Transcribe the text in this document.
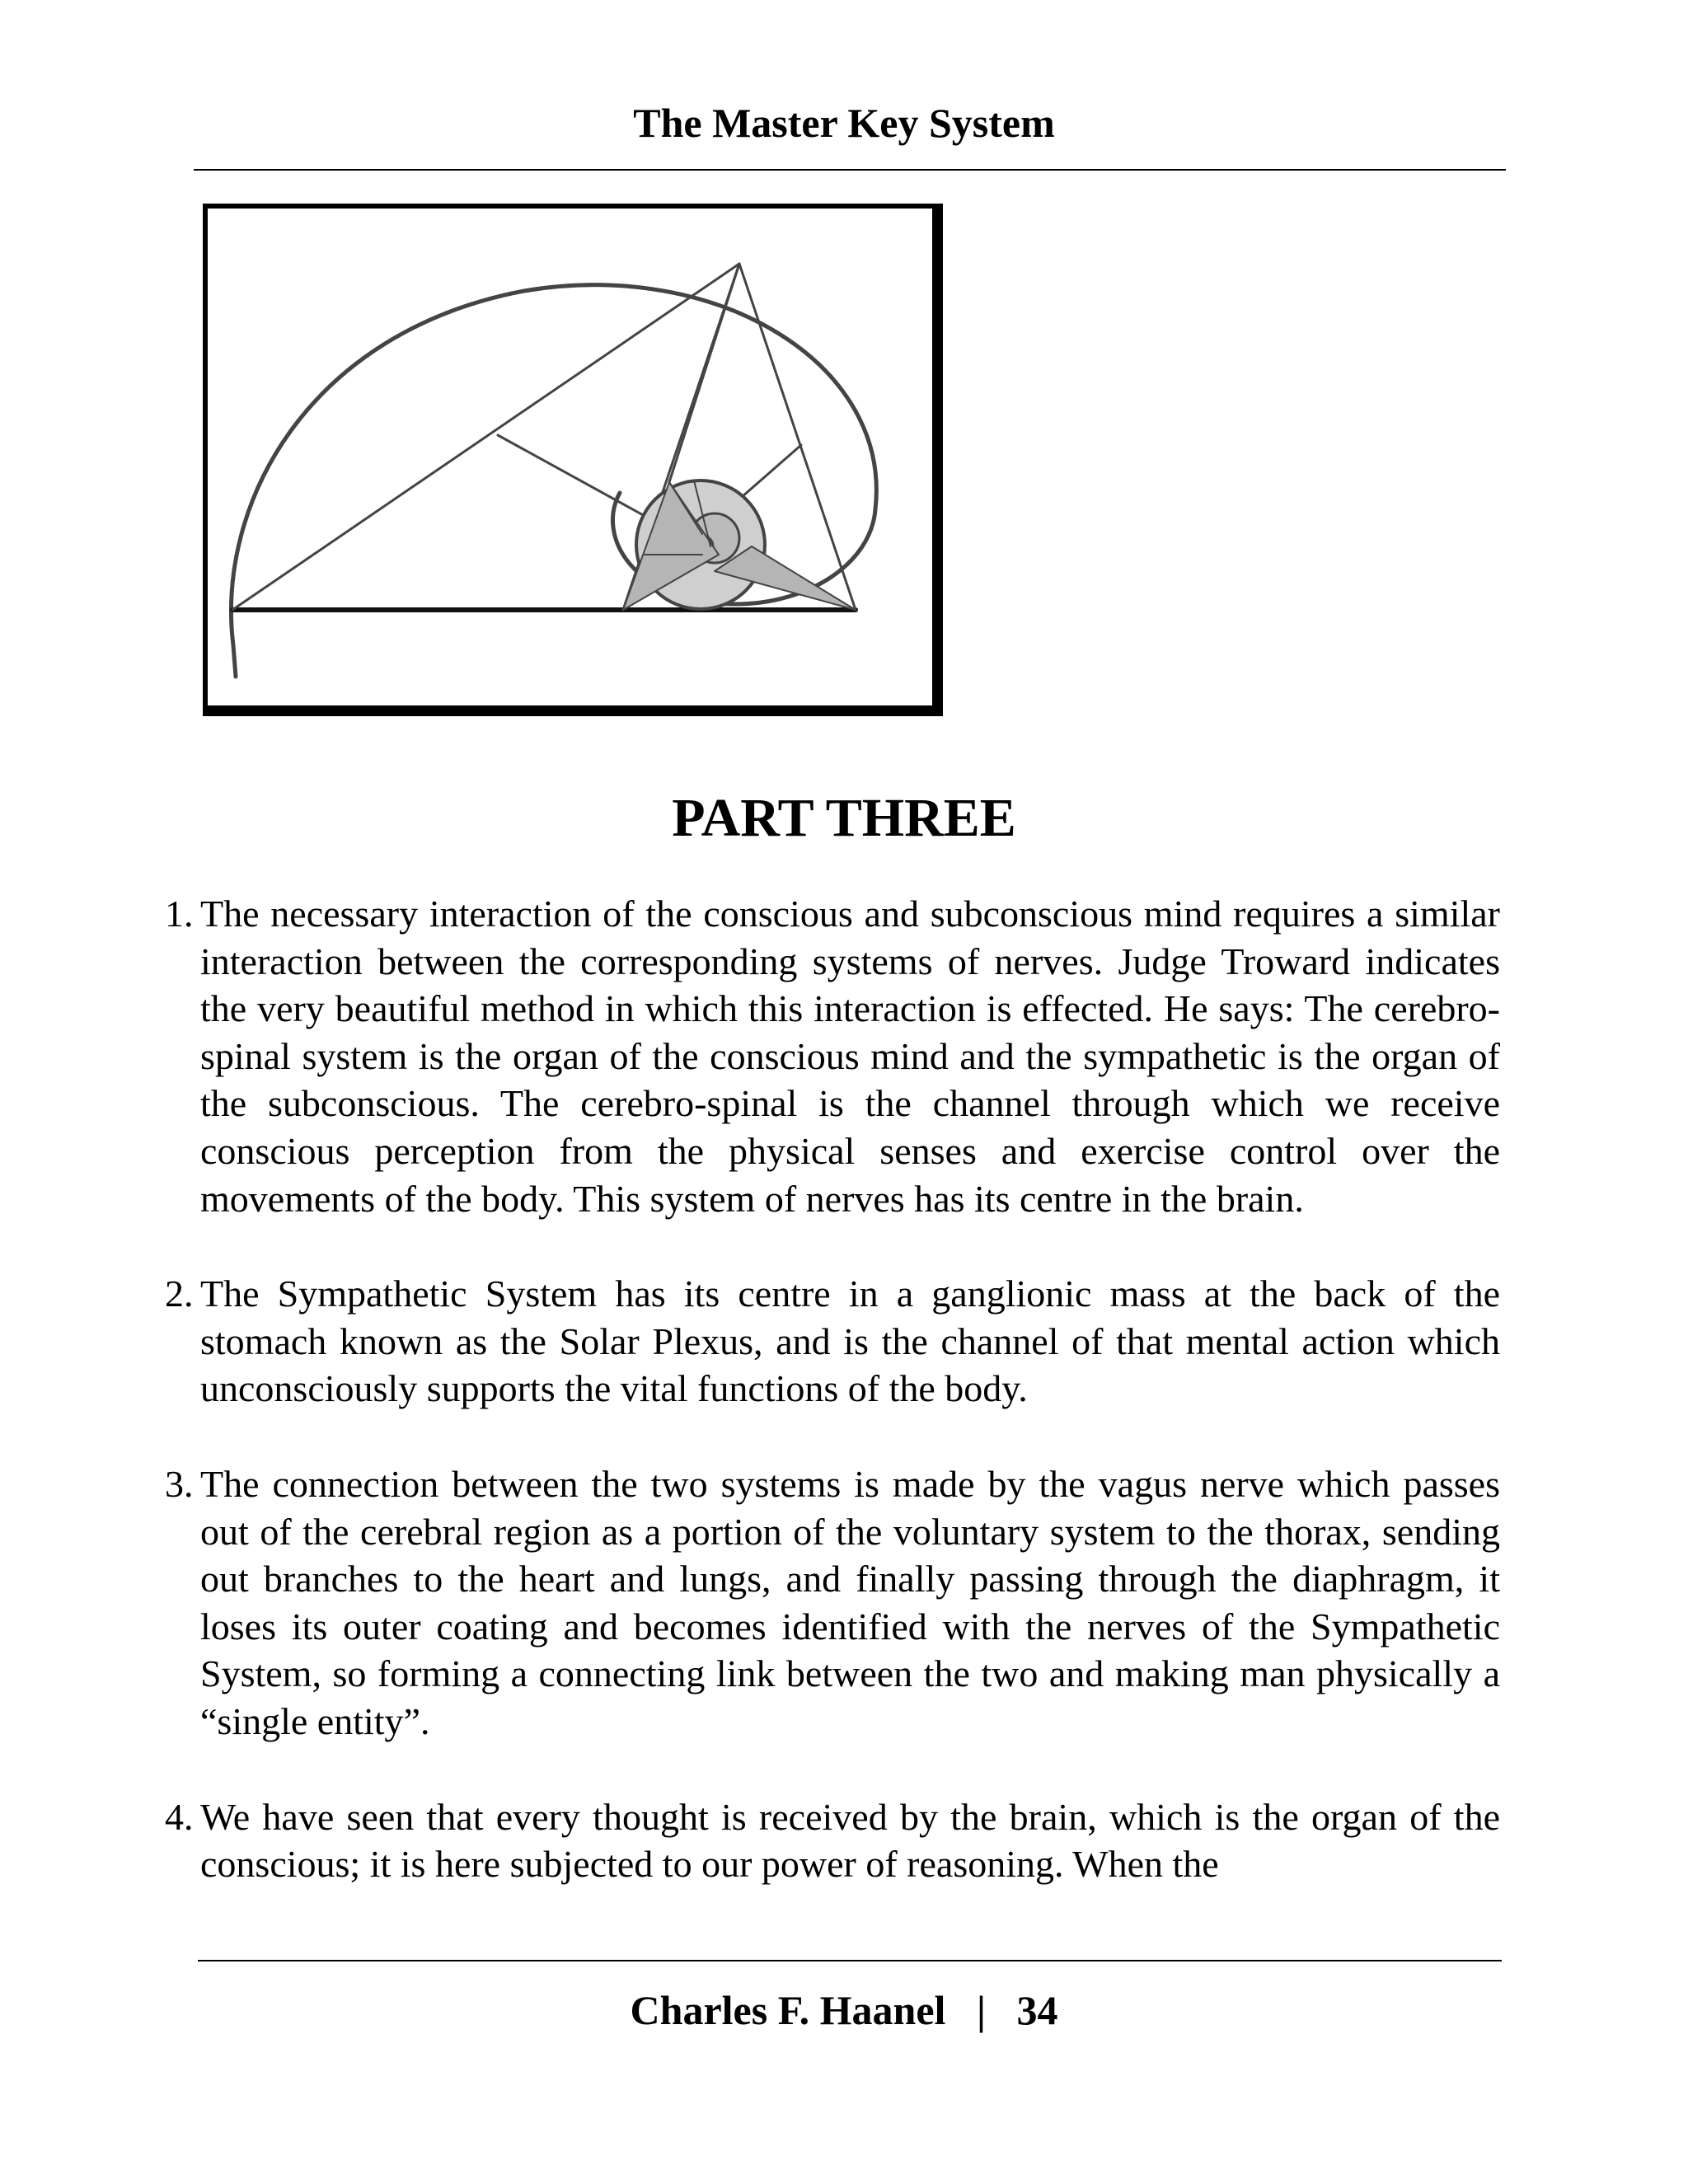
The Master Key System
PART THREE
1. The necessary interaction of the conscious and subconscious mind requires a similar interaction between the corresponding systems of nerves. Judge Troward indicates the very beautiful method in which this interaction is effected. He says: The cerebro-spinal system is the organ of the conscious mind and the sympathetic is the organ of the subconscious. The cerebro-spinal is the channel through which we receive conscious perception from the physical senses and exercise control over the movements of the body. This system of nerves has its centre in the brain.
2. The Sympathetic System has its centre in a ganglionic mass at the back of the stomach known as the Solar Plexus, and is the channel of that mental action which unconsciously supports the vital functions of the body.
3. The connection between the two systems is made by the vagus nerve which passes out of the cerebral region as a portion of the voluntary system to the thorax, sending out branches to the heart and lungs, and finally passing through the diaphragm, it loses its outer coating and becomes identified with the nerves of the Sympathetic System, so forming a connecting link between the two and making man physically a “single entity”.
4. We have seen that every thought is received by the brain, which is the organ of the conscious; it is here subjected to our power of reasoning. When the
Charles F. Haanel | 34
